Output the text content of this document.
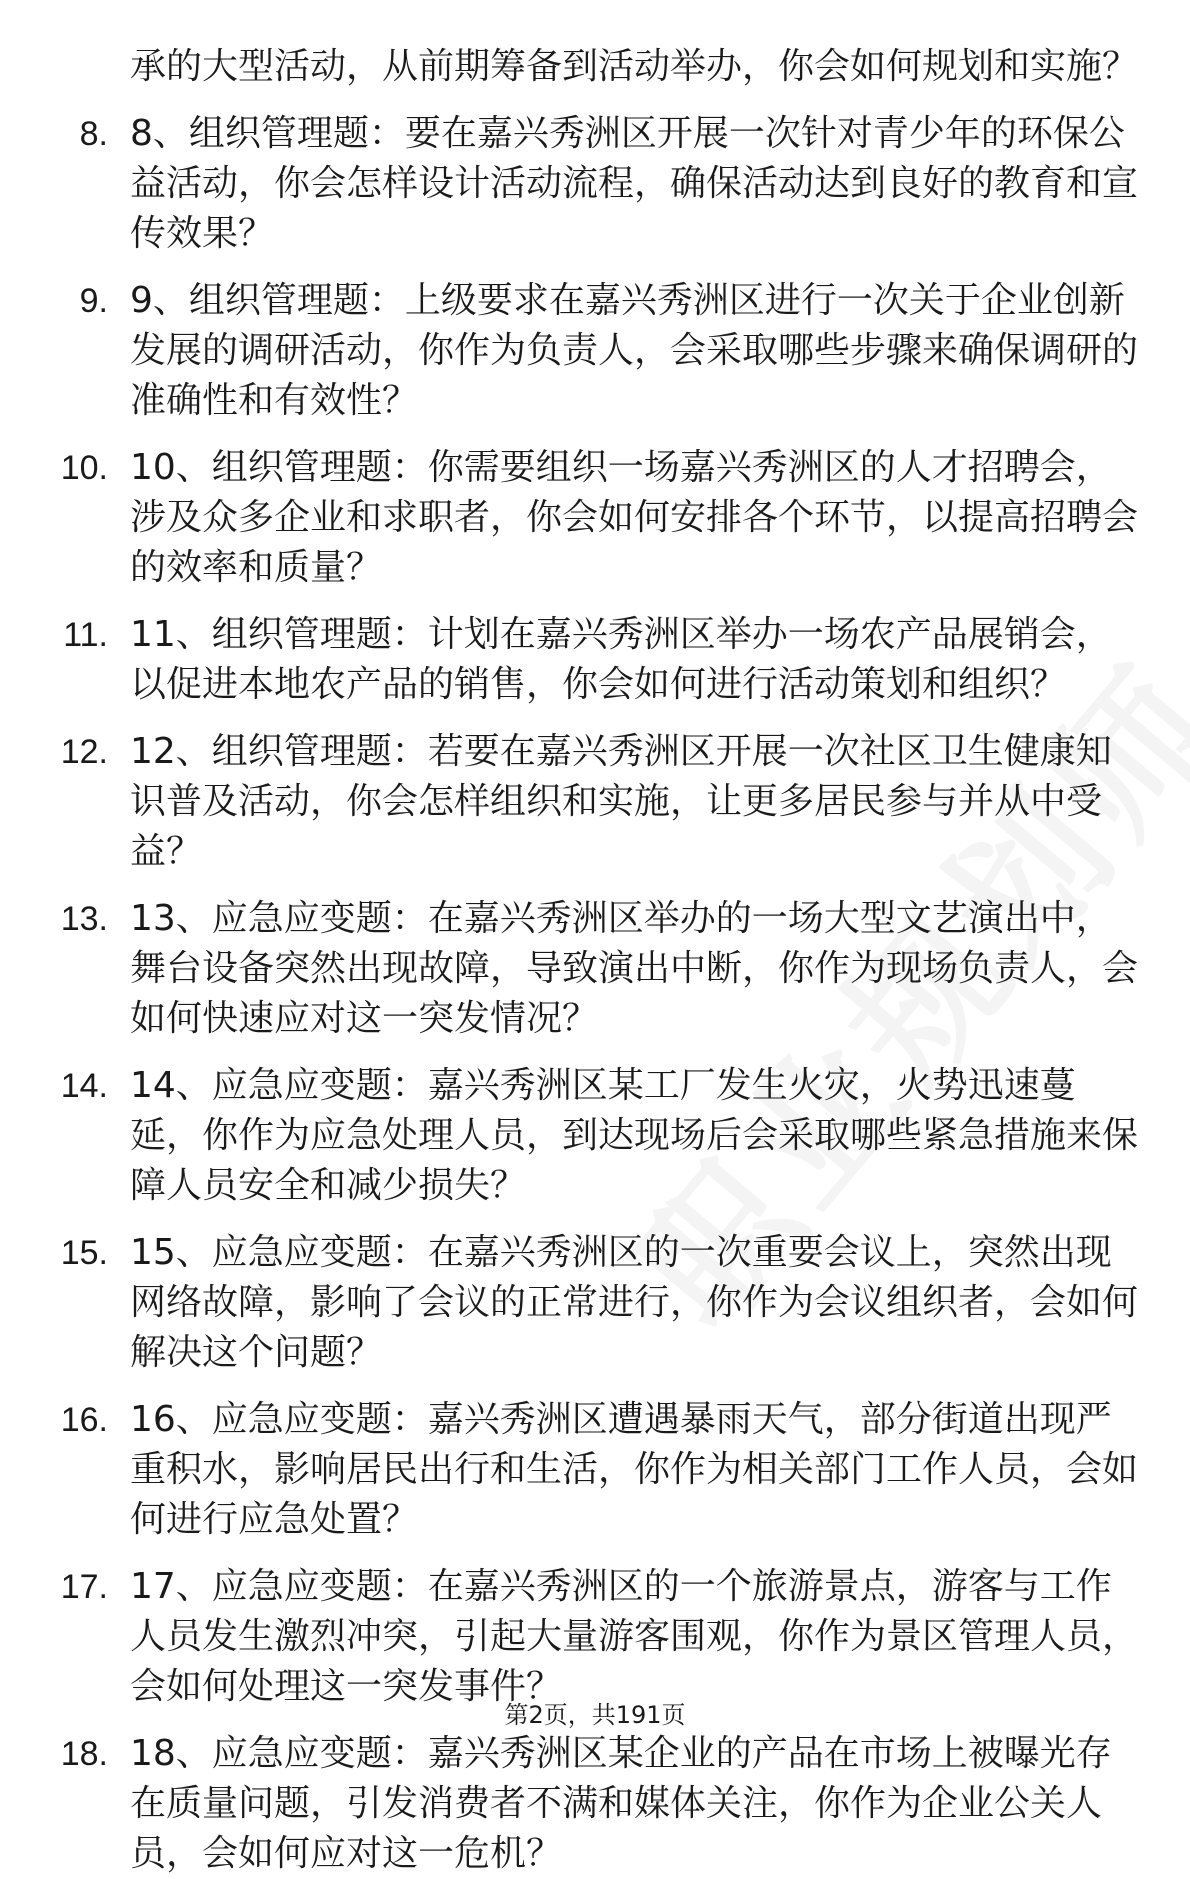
承的大型活动，从前期筹备到活动举办，你会如何规划和实施？

8. 8、组织管理题：要在嘉兴秀洲区开展一次针对青少年的环保公益活动，你会怎样设计活动流程，确保活动达到良好的教育和宣传效果？
9. 9、组织管理题：上级要求在嘉兴秀洲区进行一次关于企业创新发展的调研活动，你作为负责人，会采取哪些步骤来确保调研的准确性和有效性？
10. 10、组织管理题：你需要组织一场嘉兴秀洲区的人才招聘会，涉及众多企业和求职者，你会如何安排各个环节，以提高招聘会的效率和质量？
11. 11、组织管理题：计划在嘉兴秀洲区举办一场农产品展销会，以促进本地农产品的销售，你会如何进行活动策划和组织？
12. 12、组织管理题：若要在嘉兴秀洲区开展一次社区卫生健康知识普及活动，你会怎样组织和实施，让更多居民参与并从中受益？
13. 13、应急应变题：在嘉兴秀洲区举办的一场大型文艺演出中，舞台设备突然出现故障，导致演出中断，你作为现场负责人，会如何快速应对这一突发情况？
14. 14、应急应变题：嘉兴秀洲区某工厂发生火灾，火势迅速蔓延，你作为应急处理人员，到达现场后会采取哪些紧急措施来保障人员安全和减少损失？
15. 15、应急应变题：在嘉兴秀洲区的一次重要会议上，突然出现网络故障，影响了会议的正常进行，你作为会议组织者，会如何解决这个问题？
16. 16、应急应变题：嘉兴秀洲区遭遇暴雨天气，部分街道出现严重积水，影响居民出行和生活，你作为相关部门工作人员，会如何进行应急处置？
17. 17、应急应变题：在嘉兴秀洲区的一个旅游景点，游客与工作人员发生激烈冲突，引起大量游客围观，你作为景区管理人员，会如何处理这一突发事件？
18. 18、应急应变题：嘉兴秀洲区某企业的产品在市场上被曝光存在质量问题，引发消费者不满和媒体关注，你作为企业公关人员，会如何应对这一危机？
第2页，共191页
